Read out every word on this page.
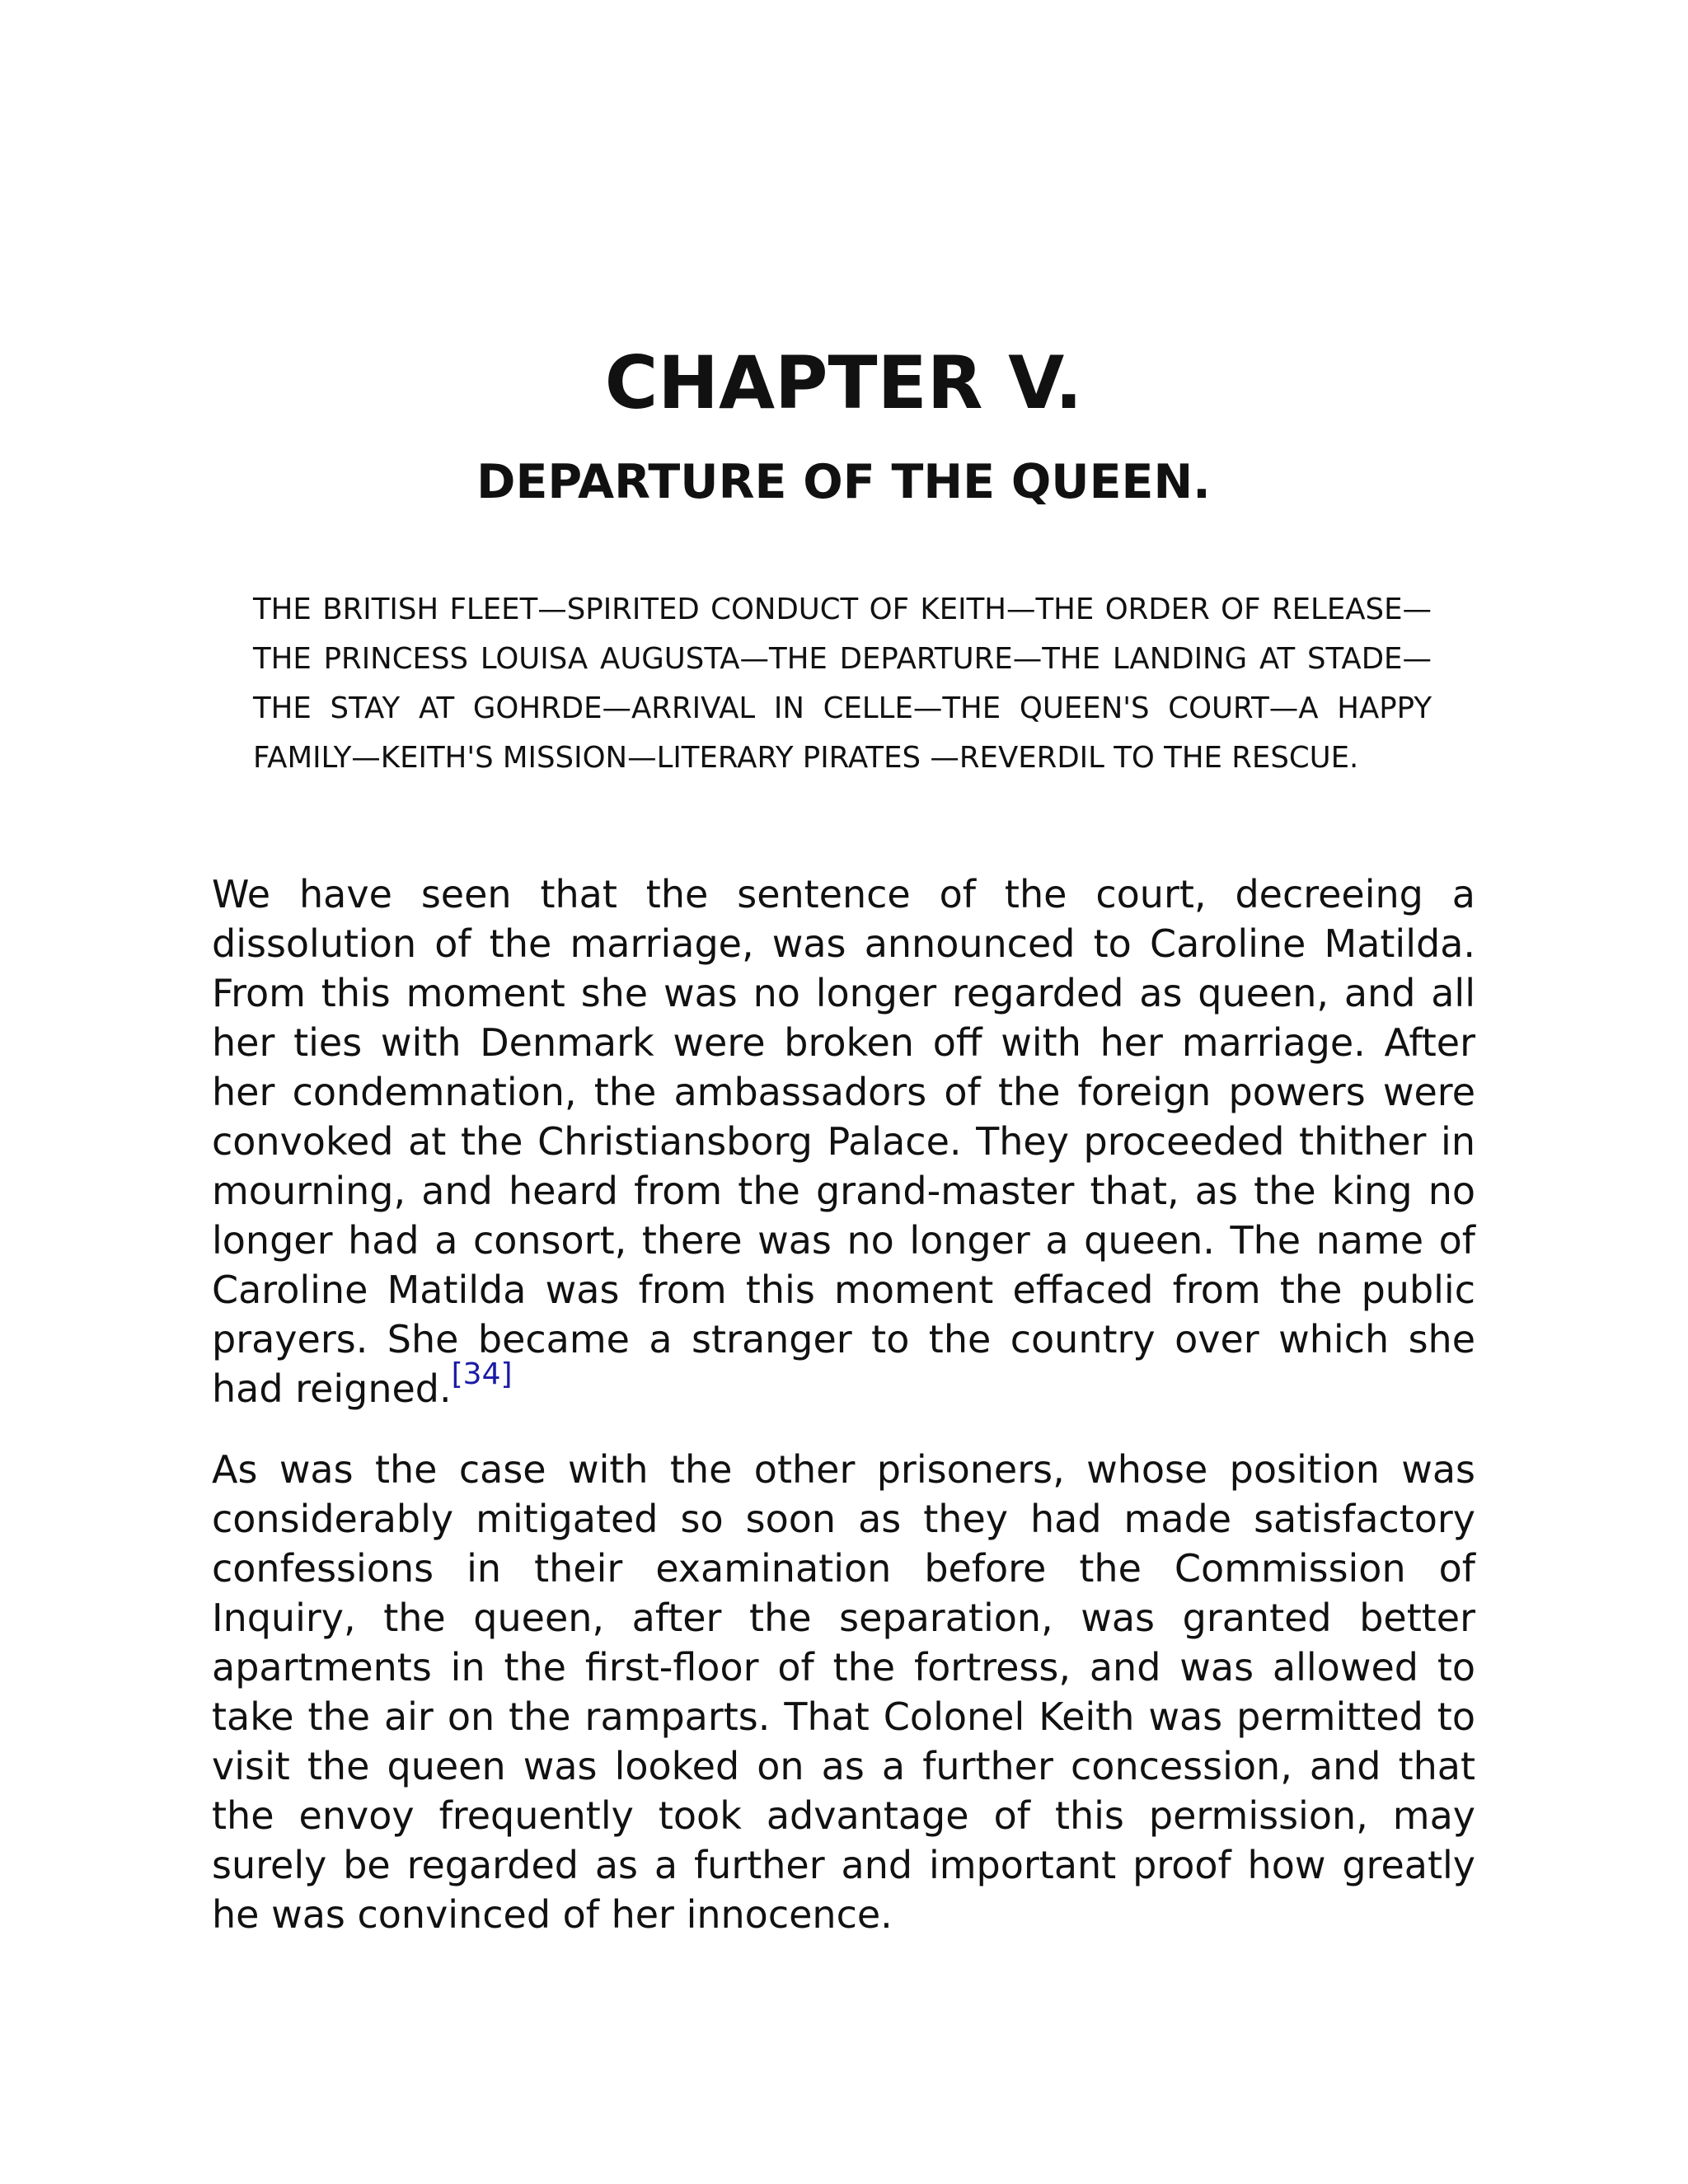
CHAPTER V.
DEPARTURE OF THE QUEEN.

THE BRITISH FLEET—SPIRITED CONDUCT OF KEITH—THE ORDER OF RELEASE—THE PRINCESS LOUISA AUGUSTA—THE DEPARTURE—THE LANDING AT STADE—THE STAY AT GOHRDE—ARRIVAL IN CELLE—THE QUEEN'S COURT—A HAPPY FAMILY—KEITH'S MISSION—LITERARY PIRATES —REVERDIL TO THE RESCUE.

We have seen that the sentence of the court, decreeing a dissolution of the marriage, was announced to Caroline Matilda. From this moment she was no longer regarded as queen, and all her ties with Denmark were broken off with her marriage. After her condemnation, the ambassadors of the foreign powers were convoked at the Christiansborg Palace. They proceeded thither in mourning, and heard from the grand-master that, as the king no longer had a consort, there was no longer a queen. The name of Caroline Matilda was from this moment effaced from the public prayers. She became a stranger to the country over which she had reigned.[34]

As was the case with the other prisoners, whose position was considerably mitigated so soon as they had made satisfactory confessions in their examination before the Commission of Inquiry, the queen, after the separation, was granted better apartments in the first-floor of the fortress, and was allowed to take the air on the ramparts. That Colonel Keith was permitted to visit the queen was looked on as a further concession, and that the envoy frequently took advantage of this permission, may surely be regarded as a further and important proof how greatly he was convinced of her innocence.
